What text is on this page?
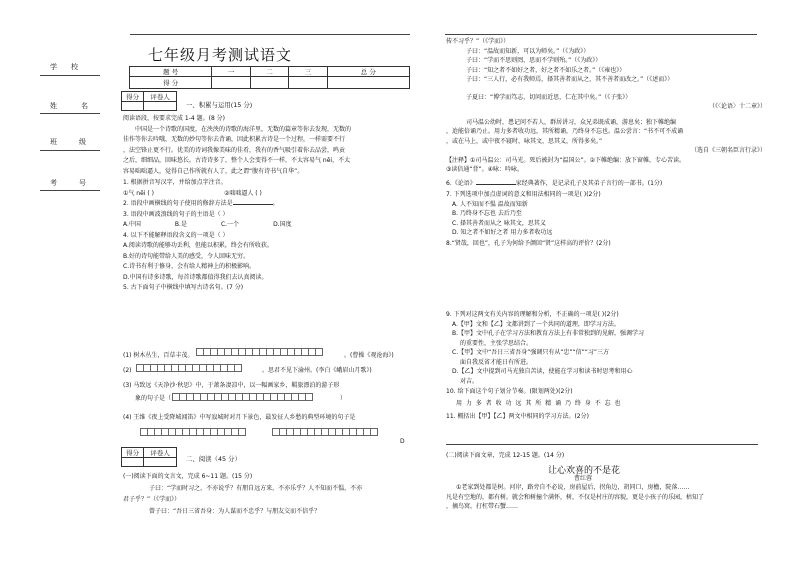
七年级月考测试语文
学 校
姓	名
班	级
考	号
题 号	一	二	三	总 分
得 分				
得分	评卷人

一、积累与运用(15 分)
阅读语段，按要求完成 1-4 题。(8 分)
中国是一个诗歌的国度，在泱泱的诗歌的海洋里，无数的篇章等你去发现，无数的
佳作等你去吟哦，无数的妙句等你去背诵，因此积累古诗是一个过程，一样需要不行
，法空锋止更不行。优美的诗词我像美味的佳肴，我有的香气吸引着你去品尝，鸣贡
之后，细细品，回味悠长。古诗诗多了，整个人会变得不一样，不太容易气 nēi，不太
容易咄咄逼人，觉得自己作所就有人了，此之谓“腹有诗书气自华”。
1. 根据拼音写汉字，并给加点字注音。
①气 nēi ( )	②咄咄逼人 ( )
2. 语段中画横线的句子使用的修辞方法是	。
3. 语段中画波浪线的句子的主语是（ ）
A.中国	B.是	C.一个	D.国度
4. 以下不能解释语段含义的一项是（ ）
A.阅读诗歌的能够功丢利，但能以积累，终会有所收获。
B.好的诗句能带给人美的感受，令人回味无穷。
C.诗书有利于修身，会有给人精神上的积极影响。
D.中国有诗多诗歌，每首诗歌都值得我们去认真阅读。
5. 古下面句子中横线中填写古诗名句。(7 分)
(1) 树木丛生，百草丰茂。	。(曹操《观沧海》)
(2)	。思君不见下渝州。(李白《峨眉山月歌》)
(3) 马致远《天净沙·秋思》中，于萧条凄凉中，以一幅画家乡，羁旅漂泊的游子形
象的句子是（	）
(4) 王维《夜上受降城闻笛》中写寂城时对月下景色，最发征人乡愁的典型环境的句子是
D
得分	评卷人

二、阅读（45 分）
(一)阅读下面的文言文，完成 6~11 题。(15 分)
子曰：“学而时习之，不亦说乎？有朋自远方来，不亦乐乎？人不知而不愠，不亦
君子乎？”（《学而》）
曾子曰：“吾日三省吾身：为人谋而不忠乎？与朋友交而不信乎？
传不习乎？”（《学而》）
子曰：“温故而知新，可以为师矣。”（《为政》）
子曰：“学而不思则罔，思而不学则殆。”（《为政》）
子曰：“知之者不如好之者，好之者不如乐之者。”（《雍也》）
子曰：“三人行，必有我师焉，择其善者而从之，其不善者而改之。”（《述而》）
子夏曰：“博学而笃志，切问而近思，仁在其中矣。”（《子张》）
（《〈论语〉十二章》）
司马温公幼时，患记问不若人，群居讲习，众兄弟既成诵，游息矣；独下帷绝编
，迨能倍诵乃止。用力多者收功远，其所精诵，乃终身不忘也。温公尝言：“书不可不成诵
，或在马上，或中夜不寝时，咏其文，思其义，所得多矣。”
（选自《三朝名臣言行录》）
【注释】①司马温公：司马光。死后被封为“温国公”。②下帷绝编：放下窗帷，专心苦读。
③读倍通“背”。④咏：吟咏。
6.《论语》	家经典著作，是记录孔子及其弟子言行的一部书。(1分)
7. 下列选项中加点虚词的意义和用法相同的一项是( )(2分)
A. 人不知而不愠 温故而知新
B. 乃终身不忘也 去后乃至
C. 择其善者而从之 咏其文，思其义
D. 知之者不如好之者 用力多者收功远
8.“贤哉，回也”，孔子为何给予颜回“贤”这样高的评价？(2分)
9. 下列对这两文有关内容的理解和分析，不正确的一项是( )(2分)
A.【甲】文和【乙】文都讲到了一个共同的道理，即学习方法。
B.【甲】文中孔子在学习方法和教育方法上有非常独到的见解，强调学习
的重要性，主张学思结合。
C.【甲】文中“吾日三省吾身”强调只有从“忠”“信”“习”三方
面自我反省才能日有所进。
D.【乙】文中提到司马光独自苦读，使能在学习和读书时思考和用心
对吉。
10. 给下面这个句子划分节奏。(限划两处)(2分)
用 力 多 者 收 功 远 其 所 精 诵 乃 终 身 不 忘 也
11. 概括出【甲】【乙】两文中相同的学习方法。(2分)
(二)阅读下面文章，完成 12-15 题。(14 分)
让心欢喜的不是花
曹红蓉
①老家到处都是树。河岸，路旁自不必说，房前屋后，拐角边，胡同口，房檐，院落……
凡是有空地的，都有树。就会和树撞个满怀，树，不仅是村庄的容貌，更是小孩子的乐园，枯知了
，摘鸟窝，打杠带石蟹……
